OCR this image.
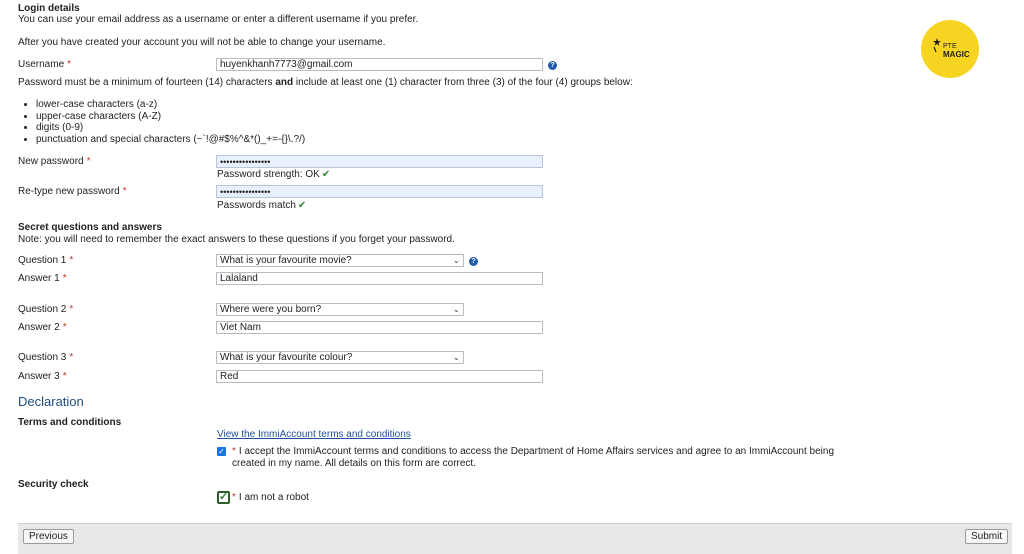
Login details
You can use your email address as a username or enter a different username if you prefer.
After you have created your account you will not be able to change your username.
Username *
huyenkhanh7773@gmail.com	?
Password must be a minimum of fourteen (14) characters and include at least one (1) character from three (3) of the four (4) groups below:
• lower-case characters (a-z)
• upper-case characters (A-Z)
• digits (0-9)
• punctuation and special characters (~`!@#$%^&*()_+=-{}\.?/)
New password *
••••••••••••••••
Password strength: OK ✔
Re-type new password *
••••••••••••••••
Passwords match ✔
Secret questions and answers
Note: you will need to remember the exact answers to these questions if you forget your password.
Question 1 *	What is your favourite movie?	⌄	?
Answer 1 *
Lalaland
Question 2 *	Where were you born?	⌄
Answer 2 *
Viet Nam
Question 3 *	What is your favourite colour?	⌄
Answer 3 *
Red
Declaration
Terms and conditions
View the ImmiAccount terms and conditions
✓ * I accept the ImmiAccount terms and conditions to access the Department of Home Affairs services and agree to an ImmiAccount being
created in my name. All details on this form are correct.
Security check
✓ * I am not a robot
Previous	Submit
PTE
MAGIC
